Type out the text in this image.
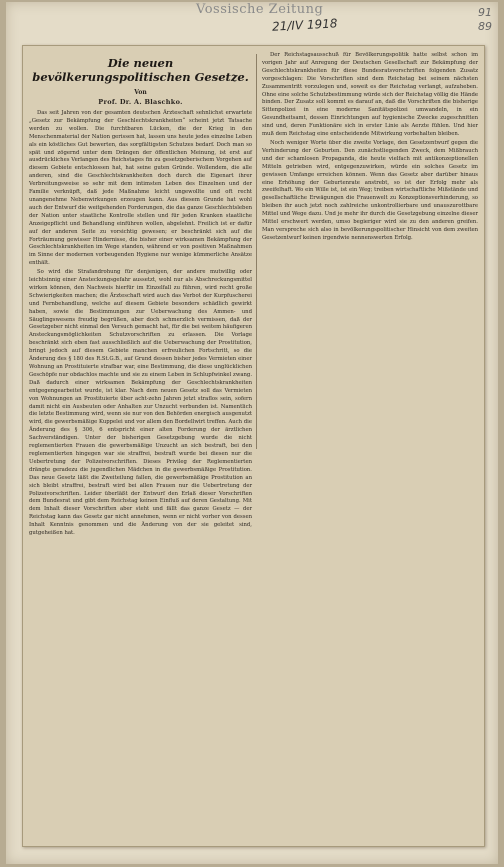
Vossische Zeitung
21/IV 1918
91
89
Die neuen bevölkerungspolitischen Gesetze.
Von
Prof. Dr. A. Blaschko.

Das seit Jahren von der gesamten deutschen Ärzteschaft sehnlichst erwartete „Gesetz zur Bekämpfung der Geschlechtskrankheiten“ scheint jetzt Tatsache werden zu wollen. Die furchtbaren Lücken, die der Krieg in den Menschenmaterial der Nation gerissen hat, lassen uns heute jedes einzelne Leben als ein köstliches Gut bewerten, das sorgfältigsten Schutzes bedarf. Doch man so spät und zögernd unter dem Drängen der öffentlichen Meinung, ist erst auf ausdrückliches Verlangen des Reichstages fin zu gesetzgeberischem Vorgehen auf diesem Gebiete entschlossen hat, hat seine guten Gründe. Wollendem, die alle anderen, sind die Geschlechtskrankheiten doch durch die Eigenart ihrer Verbreitungsweise so sehr mit dem intimsten Leben des Einzelnen und der Familie verknüpft, daß jede Maßnahme leicht ungewollte und oft recht unangenehme Nebenwirkungen erzeugen kann. Aus diesem Grunde hat wohl auch der Entwurf die weitgehenden Forderungen, die das ganze Geschlechtsleben der Nation unter staatliche Kontrolle stellen und für jeden Kranken staatliche Anzeigepflicht und Behandlung einführen wollen, abgelehnt. Freilich ist er dafür auf der anderen Seite zu vorsichtig gewesen; er beschränkt sich auf die Forträumung gewisser Hindernisse, die bisher einer wirksamen Bekämpfung der Geschlechtskrankheiten im Wege standen, während er von positiven Maßnahmen im Sinne der modernen vorbeugenden Hygiene nur wenige kümmerliche Ansätze enthält.

So wird die Strafandrohung für denjenigen, der andere mutwillig oder leichtsinnig einer Ansteckungsgefahr aussetzt, wohl nur als Abschreckungsmittel wirken können, den Nachweis hierfür im Einzelfall zu führen, wird recht große Schwierigkeiten machen; die Ärzteschaft wird auch das Verbot der Kurpfuscherei und Fernbehandlung, welche auf diesem Gebiete besonders schädlich gewirkt haben, sowie die Bestimmungen zur Ueberwachung des Ammen- und Säuglingswesens freudig begrüßen, aber doch schmerzlich vermissen, daß der Gesetzgeber nicht einmal den Versuch gemacht hat, für die bei weitem häufigeren Ansteckungsmöglichkeiten Schutzvorschriften zu erlassen. Die Vorlage beschränkt sich eben fast ausschließlich auf die Ueberwachung der Prostitution, bringt jedoch auf diesem Gebiete manchen erfreulichen Fortschritt, so die Änderung des § 180 des R.St.G.B., auf Grund dessen bisher jedes Vermieten einer Wohnung an Prostituierte strafbar war, eine Bestimmung, die diese unglücklichen Geschöpfe nur obdachlos machte und sie zu einem Leben in Schlupfwinkel zwang. Daß dadurch einer wirksamen Bekämpfung der Geschlechtskrankheiten entgegengearbeitet wurde, ist klar. Nach dem neuen Gesetz soll das Vermieten von Wohnungen an Prostituierte über acht-zehn Jahren jetzt straflos sein, sofern damit nicht ein Ausbeuten oder Anhalten zur Unzucht verbunden ist. Namentlich die letzte Bestimmung wird, wenn sie nur von den Behörden energisch ausgenutzt wird, die gewerbsmäßige Kuppelei und vor allem den Bordellwirt treffen. Auch die Änderung des § 306, 6 entspricht einer alten Forderung der ärztlichen Sachverständigen. Unter der bisherigen Gesetzgebung wurde die nicht reglementierten Frauen die gewerbsmäßige Unzucht an sich bestraft, bei den reglementierten hingegen war sie straffrei, bestraft wurde bei diesen nur die Uebertretung der Polizeivorschriften. Dieses Privileg der Reglementierten drängte geradezu die jugendlichen Mädchen in die gewerbsmäßige Prostitution. Das neue Gesetz läßt die Zweiteilung fallen, die gewerbsmäßige Prostitution an sich bleibt straffrei, bestraft wird bei allen Frauen nur die Uebertretung der Polizeivorschriften. Leider überläßt der Entwurf den Erlaß dieser Vorschriften dem Bundesrat und gibt dem Reichstag keinen Einfluß auf deren Gestaltung. Mit dem Inhalt dieser Vorschriften aber steht und fällt das ganze Gesetz — der Reichstag kann das Gesetz gar nicht annehmen, wenn er nicht vorher von dessen Inhalt Kenntnis genommen und die Änderung von der sie geleitet sind, gutgeheißen hat.

Der Reichstagsausschuß für Bevölkerungspolitik hatte selbst schon im vorigen Jahr auf Anregung der Deutschen Gesellschaft zur Bekämpfung der Geschlechtskrankheiten für diese Bundesratsvorschriften folgenden Zusatz vorgeschlagen: Die Vorschriften sind dem Reichstag bei seinem nächsten Zusammentritt vorzulegen und, soweit es der Reichstag verlangt, aufzuheben. Ohne eine solche Schutzbestimmung würde sich der Reichstag völlig die Hände binden. Der Zusatz soll kommt es darauf an, daß die Vorschriften die bisherige Sittenpolizei in eine moderne Sanitätspolizei umwandeln, in ein Gesundheitsamt, dessen Einrichtungen auf hygienische Zwecke zugeschnitten sind und, deren Funktionäre sich in erster Linie als Aerzte fühlen. Und hier muß dem Reichstag eine entscheidende Mitwirkung vorbehalten bleiben.

Noch weniger Worte über die zweite Vorlage, den Gesetzentwurf gegen die Verhinderung der Geburten. Den zunächstliegenden Zweck, dem Mißbrauch und der schamlosen Propaganda, die heute vielfach mit antikonzeptionellen Mitteln getrieben wird, entgegenzuwirken, würde ein solches Gesetz im gewissen Umfange erreichen können. Wenn das Gesetz aber darüber hinaus eine Erhöhung der Geburtenrate anstrebt, so ist der Erfolg mehr als zweifelhaft. Wo ein Wille ist, ist ein Weg; treiben wirtschaftliche Mißstände und gesellschaftliche Erwägungen die Frauenwelt zu Konzeptionsverhinderung, so bleiben ihr auch jetzt noch zahlreiche unkontrollierbare und unauszurottbare Mittel und Wege dazu. Und je mehr ihr durch die Gesetzgebung einzelne dieser Mittel erschwert werden, umso begieriger wird sie zu den anderen greifen. Man verspreche sich also in bevölkerungspolitischer Hinsicht von dem zweiten Gesetzentwurf keinen irgendwie nennenswerten Erfolg.
